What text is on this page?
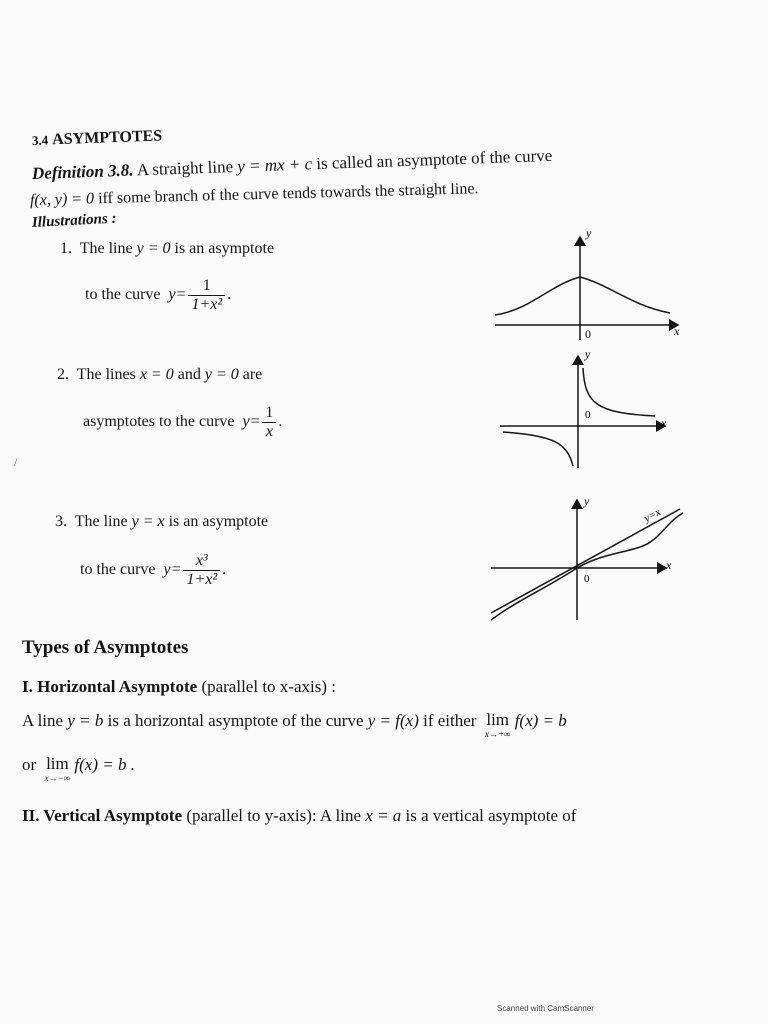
3.4 ASYMPTOTES
Definition 3.8. A straight line y = mx + c is called an asymptote of the curve
f(x, y) = 0 iff some branch of the curve tends towards the straight line.
Illustrations :
1. The line y = 0 is an asymptote
to the curve $y= \frac{1}{\text{1+x²}}$ .
y
x
0
2. The lines x = 0 and y = 0 are
asymptotes to the curve $y= \frac{1}{x}$ .
y
x
0
/
3. The line y = x is an asymptote
to the curve $y= \frac{\text{x³}}{\text{1+x²}}$ .
y
x
0
y=x
Types of Asymptotes
I. Horizontal Asymptote (parallel to x-axis) :
A line y = b is a horizontal asymptote of the curve y = f(x) if either lim
x→+∞
f(x) = b
or lim
x→−∞
f(x) = b .
II. Vertical Asymptote (parallel to y-axis): A line x = a is a vertical asymptote of
Scanned with CamScanner
